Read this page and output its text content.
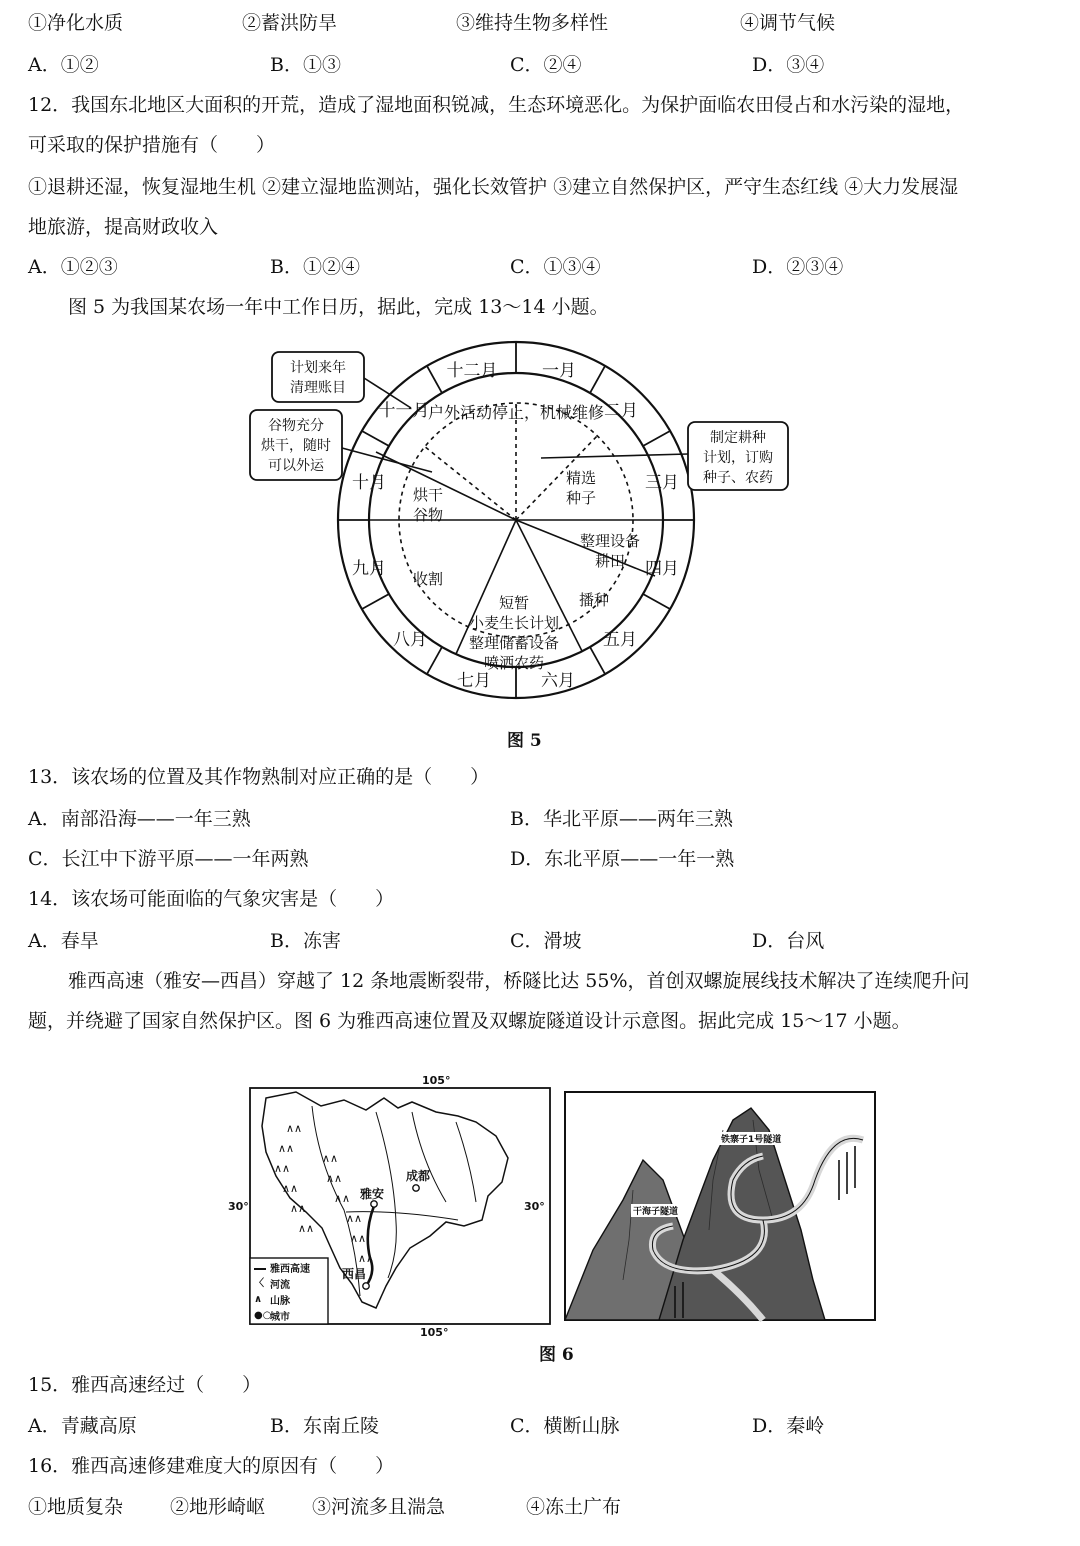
①净化水质	②蓄洪防旱	③维持生物多样性	④调节气候
A．①②	B．①③	C．②④	D．③④
12．我国东北地区大面积的开荒，造成了湿地面积锐减，生态环境恶化。为保护面临农田侵占和水污染的湿地，
可采取的保护措施有（　　）
①退耕还湿，恢复湿地生机 ②建立湿地监测站，强化长效管护 ③建立自然保护区，严守生态红线 ④大力发展湿
地旅游，提高财政收入
A．①②③	B．①②④	C．①③④	D．②③④
图 5 为我国某农场一年中工作日历，据此，完成 13～14 小题。
一月
二月
三月
四月
五月
六月
七月
八月
九月
十月
十一月
十二月
户外活动停止，机械维修
精选
种子
整理设备
耕田
播种
短暂
小麦生长计划
整理储蓄设备
喷洒农药
收割
烘干
谷物
计划来年
清理账目
谷物充分
烘干，随时
可以外运
制定耕种
计划，订购
种子、农药
图 5
13．该农场的位置及其作物熟制对应正确的是（　　）
A．南部沿海——一年三熟	B．华北平原——两年三熟
C．长江中下游平原——一年两熟	D．东北平原——一年一熟
14．该农场可能面临的气象灾害是（　　）
A．春旱	B．冻害	C．滑坡	D．台风
雅西高速（雅安—西昌）穿越了 12 条地震断裂带，桥隧比达 55%，首创双螺旋展线技术解决了连续爬升问
题，并绕避了国家自然保护区。图 6 为雅西高速位置及双螺旋隧道设计示意图。据此完成 15～17 小题。
105°
105°
30°	30°
∧∧
∧∧
∧∧
∧∧
∧∧
∧∧
∧∧
∧∧
∧∧
∧∧
∧∧
∧∧
雅安
成都
西昌
〈
∧
●○
雅西高速
河流
山脉
城市
铁寨子1号隧道
干海子隧道
图 6
15．雅西高速经过（　　）
A．青藏高原	B．东南丘陵	C．横断山脉	D．秦岭
16．雅西高速修建难度大的原因有（　　）
①地质复杂 ②地形崎岖 ③河流多且湍急	④冻土广布
